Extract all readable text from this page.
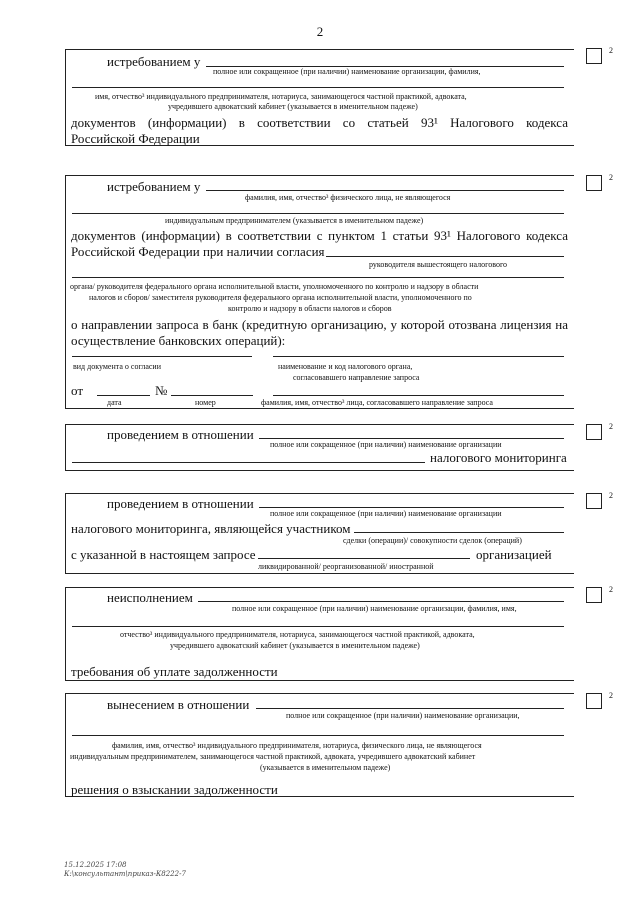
2
истребованием у
полное или сокращенное (при наличии) наименование организации, фамилия,
имя, отчество³ индивидуального предпринимателя, нотариуса, занимающегося частной практикой, адвоката,
учредившего адвокатский кабинет (указывается в именительном падеже)
документов (информации) в соответствии со статьей 93¹ Налогового кодекса
Российской Федерации
2
истребованием у
фамилия, имя, отчество³ физического лица, не являющегося
индивидуальным предпринимателем (указывается в именительном падеже)
документов (информации) в соответствии с пунктом 1 статьи 93¹ Налогового кодекса
Российской Федерации при наличии согласия
руководителя вышестоящего налогового
органа/ руководителя федерального органа исполнительной власти, уполномоченного по контролю и надзору в области
налогов и сборов/ заместителя руководителя федерального органа исполнительной власти, уполномоченного по
контролю и надзору в области налогов и сборов
о направлении запроса в банк (кредитную организацию, у которой отозвана лицензия на
осуществление банковских операций):
вид документа о согласии	наименование и код налогового органа,
согласовавшего направление запроса
от	№
дата	номер	фамилия, имя, отчество³ лица, согласовавшего направление запроса
2
проведением в отношении
полное или сокращенное (при наличии) наименование организации
налогового мониторинга
2
проведением в отношении
полное или сокращенное (при наличии) наименование организации
налогового мониторинга, являющейся участником
сделки (операции)/ совокупности сделок (операций)
с указанной в настоящем запросе	организацией
ликвидированной/ реорганизованной/ иностранной
2
неисполнением
полное или сокращенное (при наличии) наименование организации, фамилия, имя,
отчество³ индивидуального предпринимателя, нотариуса, занимающегося частной практикой, адвоката,
учредившего адвокатский кабинет (указывается в именительном падеже)
требования об уплате задолженности
2
вынесением в отношении
полное или сокращенное (при наличии) наименование организации,
фамилия, имя, отчество³ индивидуального предпринимателя, нотариуса, физического лица, не являющегося
индивидуальным предпринимателем, занимающегося частной практикой, адвоката, учредившего адвокатский кабинет
(указывается в именительном падеже)
решения о взыскании задолженности
2
15.12.2025 17:08
К:\консультант\приказ-К8222-7
